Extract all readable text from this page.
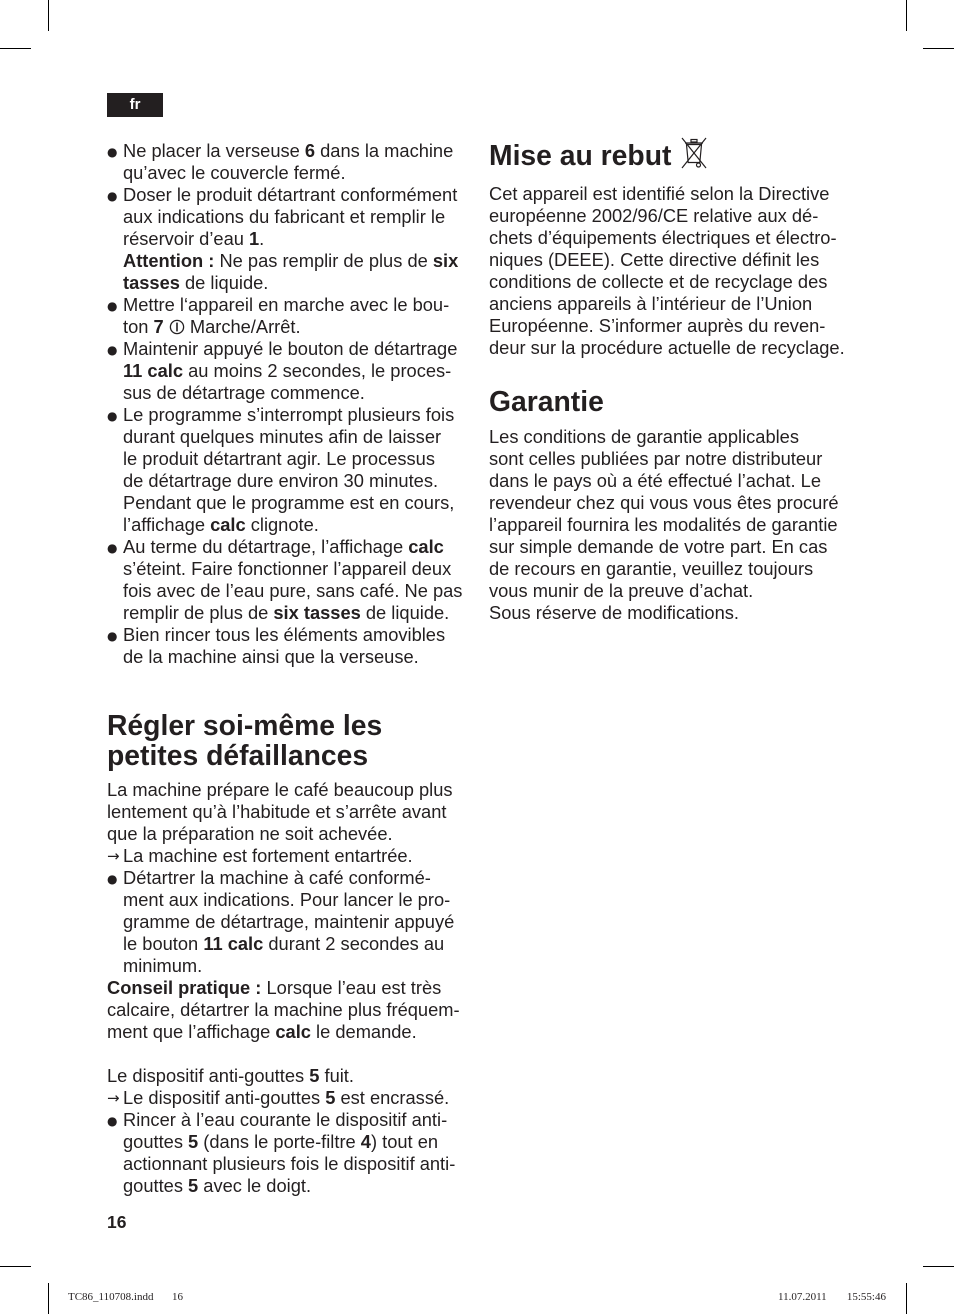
fr
● Ne placer la verseuse 6 dans la machine
qu’avec le couvercle fermé.
● Doser le produit détartrant conformément
aux indications du fabricant et remplir le
réservoir d’eau 1.
Attention : Ne pas remplir de plus de six
tasses de liquide.
● Mettre l‘appareil en marche avec le bou-
ton 7
Marche/Arrêt.
● Maintenir appuyé le bouton de détartrage
11 calc au moins 2 secondes, le proces-
sus de détartrage commence.
● Le programme s’interrompt plusieurs fois
durant quelques minutes afin de laisser
le produit détartrant agir. Le processus
de détartrage dure environ 30 minutes.
Pendant que le programme est en cours,
l’affichage calc clignote.
● Au terme du détartrage, l’affichage calc
s’éteint. Faire fonctionner l’appareil deux
fois avec de l’eau pure, sans café. Ne pas
remplir de plus de six tasses de liquide.
● Bien rincer tous les éléments amovibles
de la machine ainsi que la verseuse.
Régler soi-même les
petites défaillances
La machine prépare le café beaucoup plus
lentement qu’à l’habitude et s’arrête avant
que la préparation ne soit achevée.
→ La machine est fortement entartrée.
● Détartrer la machine à café conformé-
ment aux indications. Pour lancer le pro-
gramme de détartrage, maintenir appuyé
le bouton 11 calc durant 2 secondes au
minimum.
Conseil pratique : Lorsque l’eau est très
calcaire, détartrer la machine plus fréquem-
ment que l’affichage calc le demande.
Le dispositif anti-gouttes 5 fuit.
→ Le dispositif anti-gouttes 5 est encrassé.
● Rincer à l’eau courante le dispositif anti-
gouttes 5 (dans le porte-filtre 4) tout en
actionnant plusieurs fois le dispositif anti-
gouttes 5 avec le doigt.
16
Mise au rebut
Cet appareil est identifié selon la Directive
européenne 2002/96/CE relative aux dé-
chets d’équipements électriques et électro-
niques (DEEE). Cette directive définit les
conditions de collecte et de recyclage des
anciens appareils à l’intérieur de l’Union
Européenne. S’informer auprès du reven-
deur sur la procédure actuelle de recyclage.
Garantie
Les conditions de garantie applicables
sont celles publiées par notre distributeur
dans le pays où a été effectué l’achat. Le
revendeur chez qui vous vous êtes procuré
l’appareil fournira les modalités de garantie
sur simple demande de votre part. En cas
de recours en garantie, veuillez toujours
vous munir de la preuve d’achat.
Sous réserve de modifications.
TC86_110708.indd 16	11.07.2011 15:55:46
